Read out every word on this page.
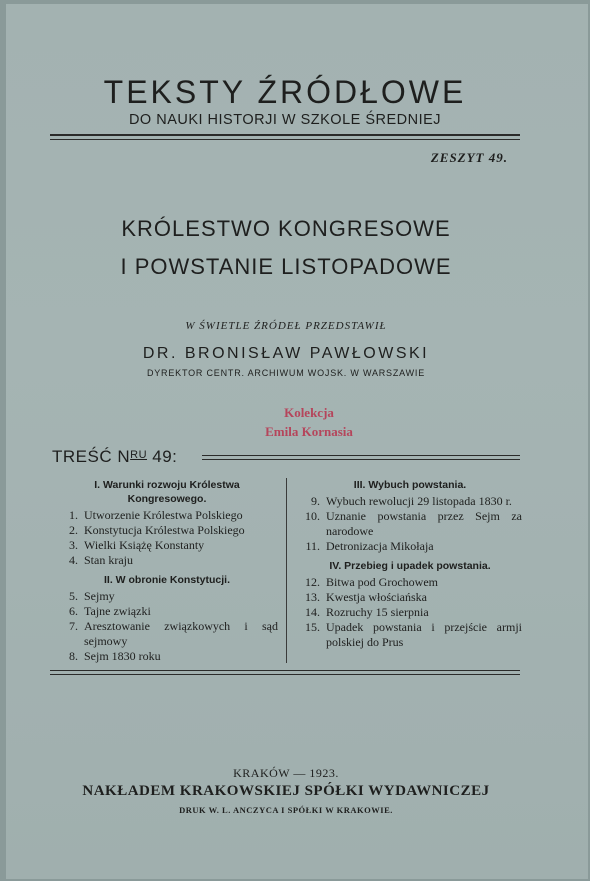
TEKSTY ŹRÓDŁOWE
DO NAUKI HISTORJI W SZKOLE ŚREDNIEJ
ZESZYT 49.
KRÓLESTWO KONGRESOWE
I POWSTANIE LISTOPADOWE
W ŚWIETLE ŹRÓDEŁ PRZEDSTAWIŁ
DR. BRONISŁAW PAWŁOWSKI
DYREKTOR CENTR. ARCHIWUM WOJSK. W WARSZAWIE
Kolekcja
Emila Kornasia
TREŚĆ $N^{RU}$ 49:
I. Warunki rozwoju Królestwa
Kongresowego.
1. Utworzenie Królestwa Polskiego
2. Konstytucja Królestwa Polskiego
3. Wielki Książę Konstanty
4. Stan kraju
II. W obronie Konstytucji.
5. Sejmy
6. Tajne związki
7. Aresztowanie związkowych i sąd sejmowy
8. Sejm 1830 roku
III. Wybuch powstania.
9. Wybuch rewolucji 29 listopada 1830 r.
10. Uznanie powstania przez Sejm za narodowe
11. Detronizacja Mikołaja
IV. Przebieg i upadek powstania.
12. Bitwa pod Grochowem
13. Kwestja włościańska
14. Rozruchy 15 sierpnia
15. Upadek powstania i przejście armji polskiej do Prus
KRAKÓW — 1923.
NAKŁADEM KRAKOWSKIEJ SPÓŁKI WYDAWNICZEJ
DRUK W. L. ANCZYCA I SPÓŁKI W KRAKOWIE.
